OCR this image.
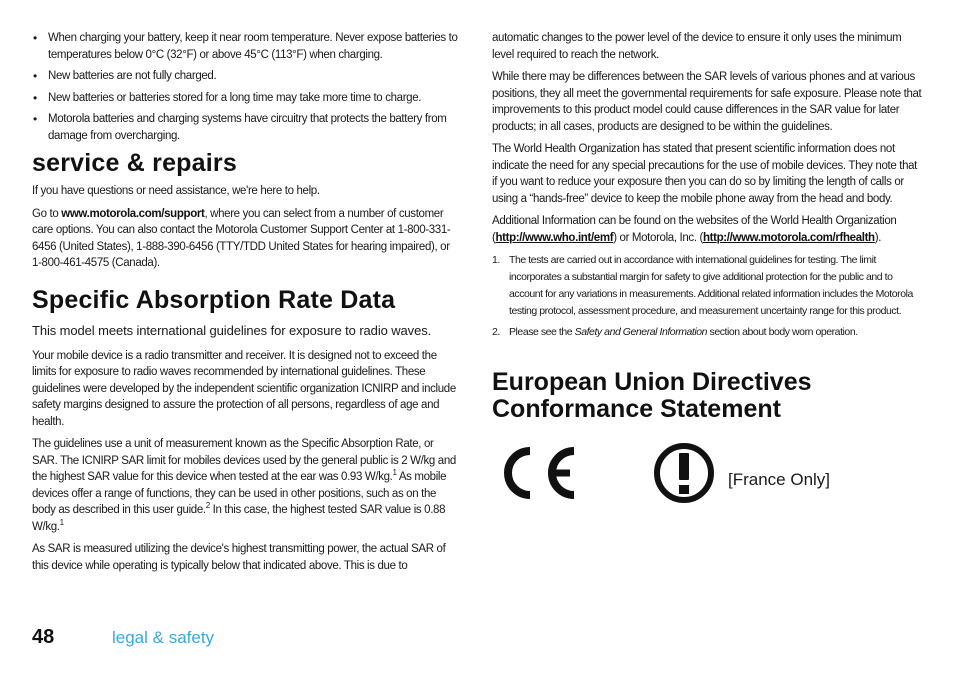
• When charging your battery, keep it near room temperature. Never expose batteries to temperatures below 0°C (32°F) or above 45°C (113°F) when charging.
• New batteries are not fully charged.
• New batteries or batteries stored for a long time may take more time to charge.
• Motorola batteries and charging systems have circuitry that protects the battery from damage from overcharging.
service & repairs

If you have questions or need assistance, we're here to help.

Go to www.motorola.com/support, where you can select from a number of customer care options. You can also contact the Motorola Customer Support Center at 1-800-331-6456 (United States), 1-888-390-6456 (TTY/TDD United States for hearing impaired), or 1-800-461-4575 (Canada).

Specific Absorption Rate Data

This model meets international guidelines for exposure to radio waves.

Your mobile device is a radio transmitter and receiver. It is designed not to exceed the limits for exposure to radio waves recommended by international guidelines. These guidelines were developed by the independent scientific organization ICNIRP and include safety margins designed to assure the protection of all persons, regardless of age and health.

The guidelines use a unit of measurement known as the Specific Absorption Rate, or SAR. The ICNIRP SAR limit for mobiles devices used by the general public is 2 W/kg and the highest SAR value for this device when tested at the ear was 0.93 W/kg.$^1$ As mobile devices offer a range of functions, they can be used in other positions, such as on the body as described in this user guide.$^2$ In this case, the highest tested SAR value is 0.88 W/kg.$^1$

As SAR is measured utilizing the device's highest transmitting power, the actual SAR of this device while operating is typically below that indicated above. This is due to

automatic changes to the power level of the device to ensure it only uses the minimum level required to reach the network.

While there may be differences between the SAR levels of various phones and at various positions, they all meet the governmental requirements for safe exposure. Please note that improvements to this product model could cause differences in the SAR value for later products; in all cases, products are designed to be within the guidelines.

The World Health Organization has stated that present scientific information does not indicate the need for any special precautions for the use of mobile devices. They note that if you want to reduce your exposure then you can do so by limiting the length of calls or using a “hands-free” device to keep the mobile phone away from the head and body.

Additional Information can be found on the websites of the World Health Organization (http://www.who.int/emf) or Motorola, Inc. (http://www.motorola.com/rfhealth).

1. The tests are carried out in accordance with international guidelines for testing. The limit incorporates a substantial margin for safety to give additional protection for the public and to account for any variations in measurements. Additional related information includes the Motorola testing protocol, assessment procedure, and measurement uncertainty range for this product.
2. Please see the Safety and General Information section about body worn operation.
European Union Directives
Conformance Statement
[France Only]
48	legal & safety
